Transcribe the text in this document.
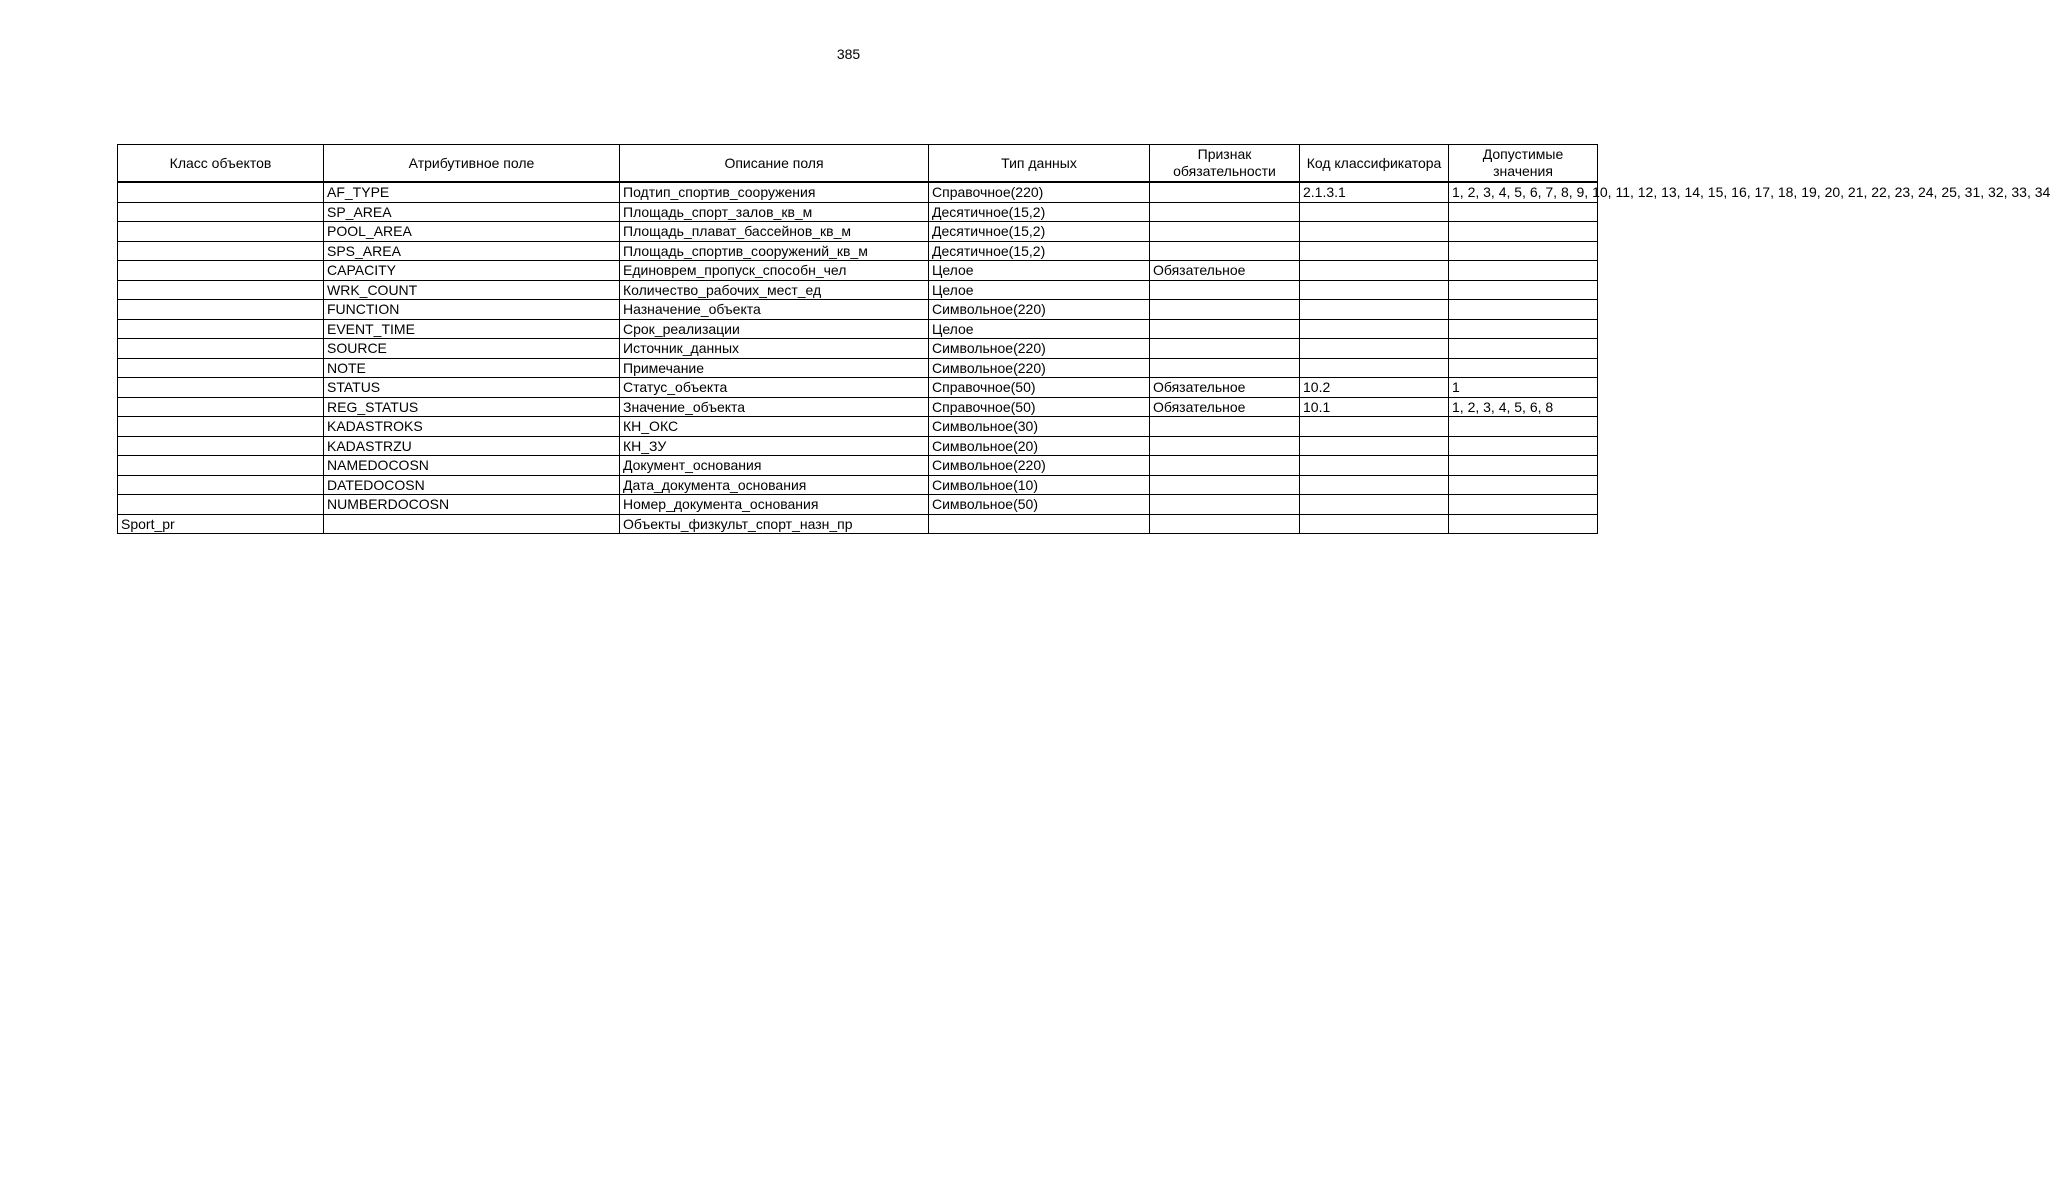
385
Класс объектов	Атрибутивное поле	Описание поля	Тип данных	Признак обязательности	Код классификатора	Допустимые значения
	AF_TYPE	Подтип_спортив_сооружения	Справочное(220)		2.1.3.1	1, 2, 3, 4, 5, 6, 7, 8, 9, 10, 11, 12, 13, 14, 15, 16, 17, 18, 19, 20, 21, 22, 23, 24, 25, 31, 32, 33, 34
	SP_AREA	Площадь_спорт_залов_кв_м	Десятичное(15,2)			
	POOL_AREA	Площадь_плават_бассейнов_кв_м	Десятичное(15,2)			
	SPS_AREA	Площадь_спортив_сооружений_кв_м	Десятичное(15,2)			
	CAPACITY	Единоврем_пропуск_способн_чел	Целое	Обязательное		
	WRK_COUNT	Количество_рабочих_мест_ед	Целое			
	FUNCTION	Назначение_объекта	Символьное(220)			
	EVENT_TIME	Срок_реализации	Целое			
	SOURCE	Источник_данных	Символьное(220)			
	NOTE	Примечание	Символьное(220)			
	STATUS	Статус_объекта	Справочное(50)	Обязательное	10.2	1
	REG_STATUS	Значение_объекта	Справочное(50)	Обязательное	10.1	1, 2, 3, 4, 5, 6, 8
	KADASTROKS	КН_ОКС	Символьное(30)			
	KADASTRZU	КН_ЗУ	Символьное(20)			
	NAMEDOCOSN	Документ_основания	Символьное(220)			
	DATEDOCOSN	Дата_документа_основания	Символьное(10)			
	NUMBERDOCOSN	Номер_документа_основания	Символьное(50)			
Sport_pr		Объекты_физкульт_спорт_назн_пр				
